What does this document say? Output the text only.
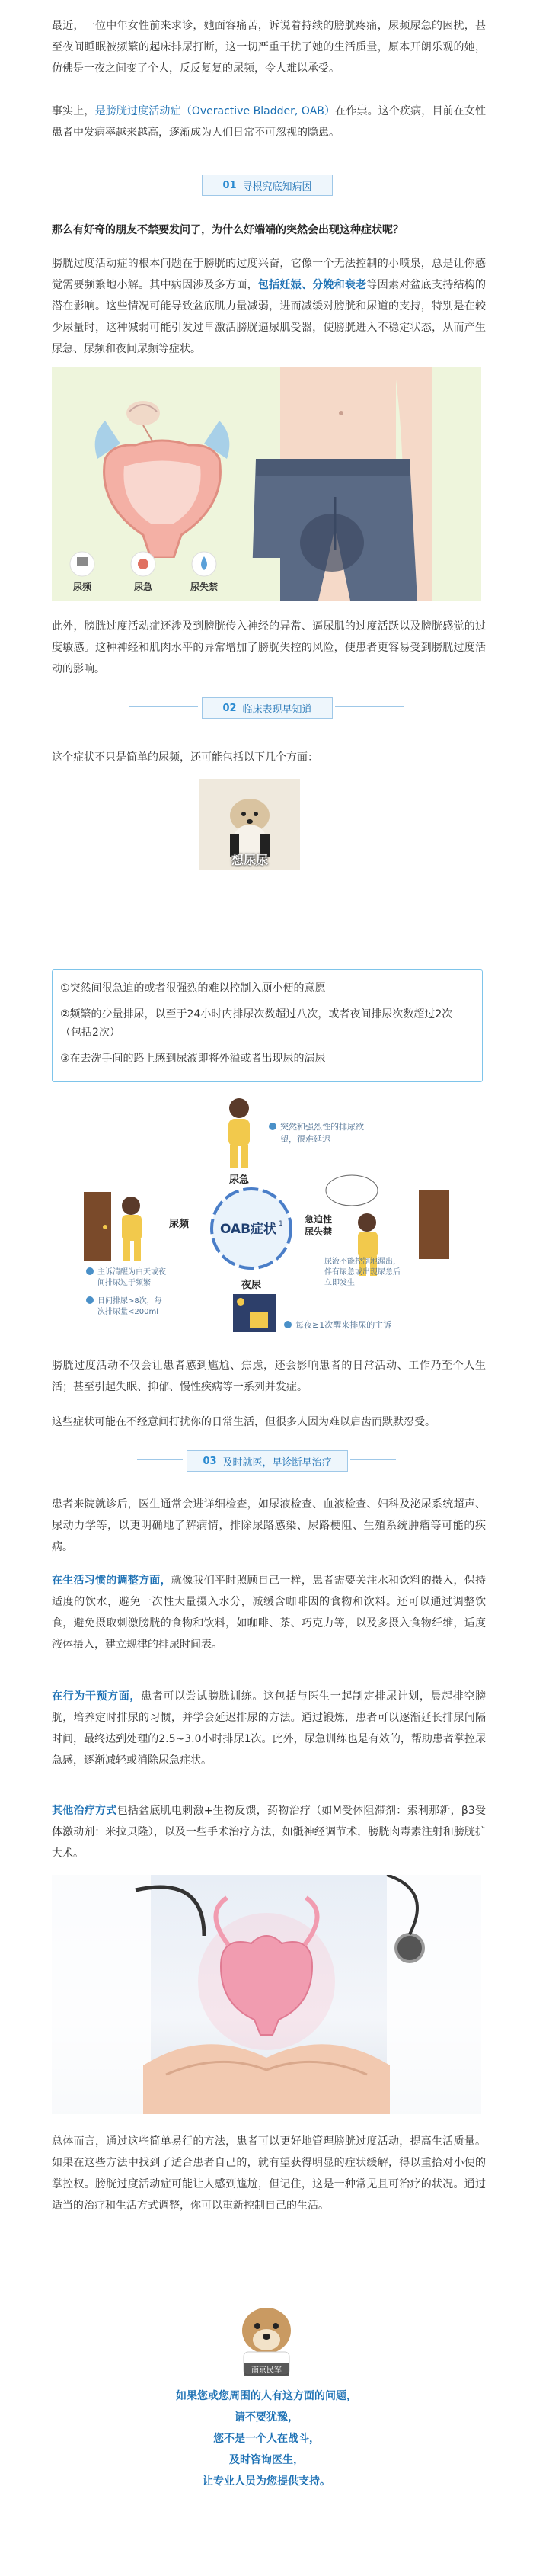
最近，一位中年女性前来求诊，她面容痛苦，诉说着持续的膀胱疼痛，尿频尿急的困扰，甚至夜间睡眠被频繁的起床排尿打断，这一切严重干扰了她的生活质量，原本开朗乐观的她，仿佛是一夜之间变了个人，反反复复的尿频，令人难以承受。

事实上，是膀胱过度活动症（Overactive Bladder, OAB）在作祟。这个疾病，目前在女性患者中发病率越来越高，逐渐成为人们日常不可忽视的隐患。

01 寻根究底知病因

那么有好奇的朋友不禁要发问了，为什么好端端的突然会出现这种症状呢？

膀胱过度活动症的根本问题在于膀胱的过度兴奋，它像一个无法控制的小喷泉，总是让你感觉需要频繁地小解。其中病因涉及多方面，包括妊娠、分娩和衰老等因素对盆底支持结构的潜在影响。这些情况可能导致盆底肌力量减弱，进而减缓对膀胱和尿道的支持，特别是在较少尿量时，这种减弱可能引发过早激活膀胱逼尿肌受器，使膀胱进入不稳定状态，从而产生尿急、尿频和夜间尿频等症状。

尿频	尿急	尿失禁

此外，膀胱过度活动症还涉及到膀胱传入神经的异常、逼尿肌的过度活跃以及膀胱感觉的过度敏感。这种神经和肌肉水平的异常增加了膀胱失控的风险，使患者更容易受到膀胱过度活动的影响。

02 临床表现早知道

这个症状不只是简单的尿频，还可能包括以下几个方面：

想尿尿

①突然间很急迫的或者很强烈的难以控制入厕小便的意愿

②频繁的少量排尿，以至于24小时内排尿次数超过八次，或者夜间排尿次数超过2次（包括2次）

③在去洗手间的路上感到尿液即将外溢或者出现尿的漏尿

尿急
突然和强烈性的排尿欲
望，很难延迟
尿频 OAB症状 1 急迫性
尿失禁
尿液不能控制地漏出，
伴有尿急或出现尿急后
立即发生
夜尿
每夜≥1次醒来排尿的主诉
主诉清醒为白天或夜
间排尿过于频繁
日间排尿>8次，每
次排尿量<200ml

膀胱过度活动不仅会让患者感到尴尬、焦虑，还会影响患者的日常活动、工作乃至个人生活；甚至引起失眠、抑郁、慢性疾病等一系列并发症。

这些症状可能在不经意间打扰你的日常生活，但很多人因为难以启齿而默默忍受。

03 及时就医，早诊断早治疗

患者来院就诊后，医生通常会进详细检查，如尿液检查、血液检查、妇科及泌尿系统超声、尿动力学等，以更明确地了解病情，排除尿路感染、尿路梗阻、生殖系统肿瘤等可能的疾病。

在生活习惯的调整方面，就像我们平时照顾自己一样，患者需要关注水和饮料的摄入，保持适度的饮水，避免一次性大量摄入水分，减缓含咖啡因的食物和饮料。还可以通过调整饮食，避免摄取刺激膀胱的食物和饮料，如咖啡、茶、巧克力等，以及多摄入食物纤维，适度液体摄入，建立规律的排尿时间表。

在行为干预方面，患者可以尝试膀胱训练。这包括与医生一起制定排尿计划，晨起排空膀胱，培养定时排尿的习惯，并学会延迟排尿的方法。通过锻炼，患者可以逐渐延长排尿间隔时间，最终达到处理的2.5~3.0小时排尿1次。此外，尿急训练也是有效的，帮助患者掌控尿急感，逐渐减轻或消除尿急症状。

其他治疗方式包括盆底肌电刺激+生物反馈，药物治疗（如M受体阻滞剂：索利那新，β3受体激动剂：米拉贝隆），以及一些手术治疗方法，如骶神经调节术，膀胱肉毒素注射和膀胱扩大术。

总体而言，通过这些简单易行的方法，患者可以更好地管理膀胱过度活动，提高生活质量。如果在这些方法中找到了适合患者自己的，就有望获得明显的症状缓解，得以重拾对小便的掌控权。膀胱过度活动症可能让人感到尴尬，但记住，这是一种常见且可治疗的状况。通过适当的治疗和生活方式调整，你可以重新控制自己的生活。

南京民军
如果您或您周围的人有这方面的问题，
请不要犹豫，
您不是一个人在战斗，
及时咨询医生，
让专业人员为您提供支持。
